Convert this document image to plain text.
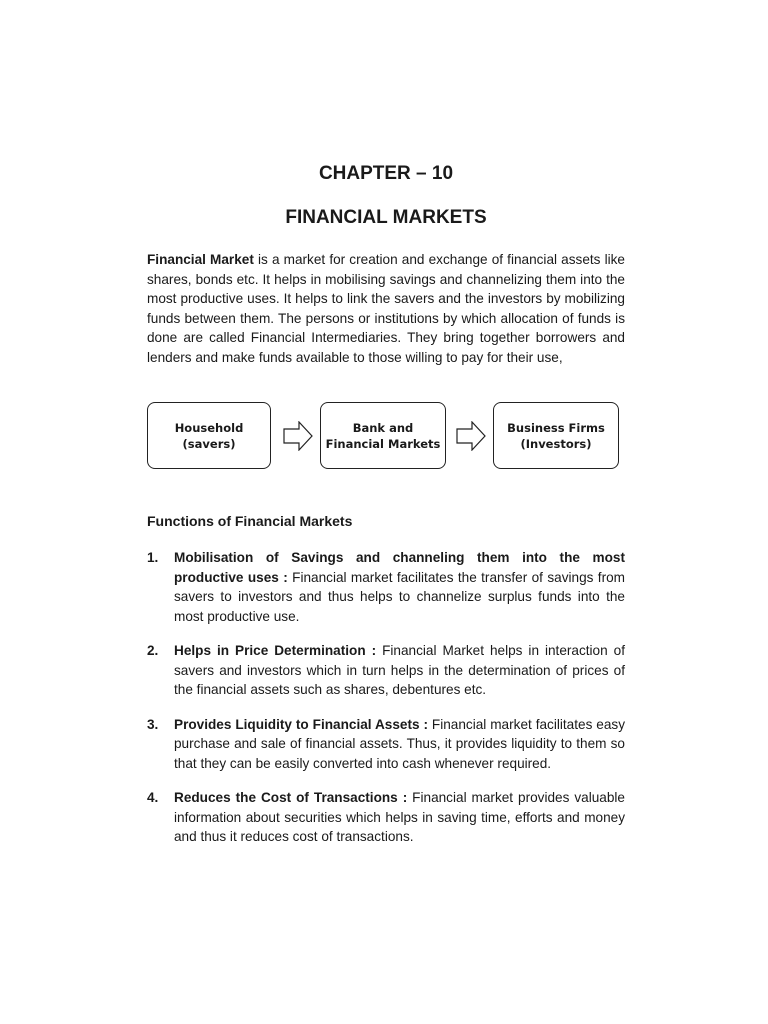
CHAPTER – 10
FINANCIAL MARKETS

Financial Market is a market for creation and exchange of financial assets like shares, bonds etc. It helps in mobilising savings and channelizing them into the most productive uses. It helps to link the savers and the investors by mobilizing funds between them. The persons or institutions by which allocation of funds is done are called Financial Intermediaries. They bring together borrowers and lenders and make funds available to those willing to pay for their use,

Household
(savers)
Bank and
Financial Markets
Business Firms
(Investors)
Functions of Financial Markets
1. Mobilisation of Savings and channeling them into the most productive uses : Financial market facilitates the transfer of savings from savers to investors and thus helps to channelize surplus funds into the most productive use.
2. Helps in Price Determination : Financial Market helps in interaction of savers and investors which in turn helps in the determination of prices of the financial assets such as shares, debentures etc.
3. Provides Liquidity to Financial Assets : Financial market facilitates easy purchase and sale of financial assets. Thus, it provides liquidity to them so that they can be easily converted into cash whenever required.
4. Reduces the Cost of Transactions : Financial market provides valuable information about securities which helps in saving time, efforts and money and thus it reduces cost of transactions.
